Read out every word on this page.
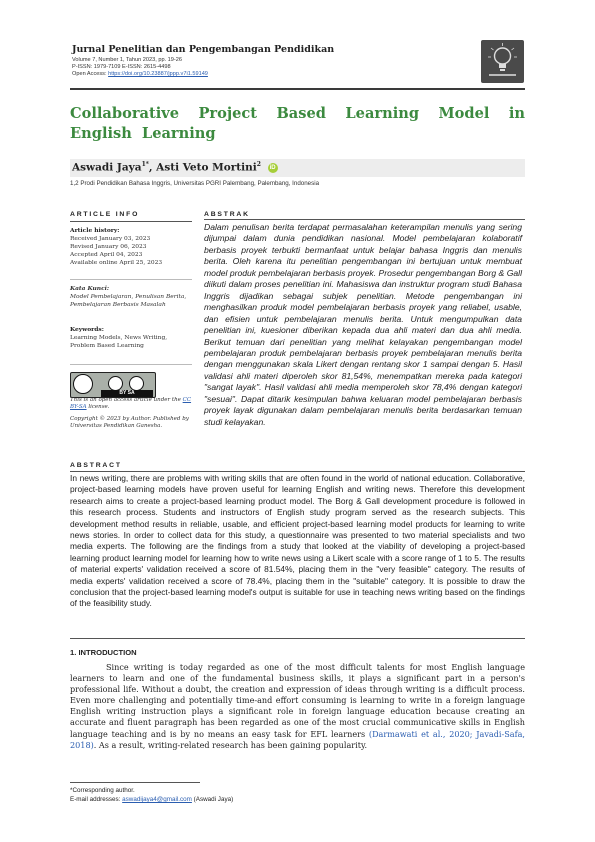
Jurnal Penelitian dan Pengembangan Pendidikan
Volume 7, Number 1, Tahun 2023, pp. 19-26
P-ISSN: 1979-7109 E-ISSN: 2615-4498
Open Access: https://doi.org/10.23887/jppp.v7i1.59149
Collaborative Project Based Learning Model in English Learning
Aswadi Jaya$^{1*}$, Asti Veto Mortini$^2$ iD
1,2 Prodi Pendidikan Bahasa Inggris, Universitas PGRI Palembang, Palembang, Indonesia
ARTICLE INFO
Article history:
Received January 03, 2023
Revised January 06, 2023
Accepted April 04, 2023
Available online April 25, 2023
Kata Kunci:
Model Pembelajaran, Penulisan Berita, Pembelajaran Berbasis Masalah
Keywords:
Learning Models, News Writing, Problem Based Learning
BY SA
This is an open access article under the CC BY-SA license.
Copyright © 2023 by Author. Published by Universitas Pendidikan Ganesha.
ABSTRAK
Dalam penulisan berita terdapat permasalahan keterampilan menulis yang sering dijumpai dalam dunia pendidikan nasional. Model pembelajaran kolaboratif berbasis proyek terbukti bermanfaat untuk belajar bahasa Inggris dan menulis berita. Oleh karena itu penelitian pengembangan ini bertujuan untuk membuat model produk pembelajaran berbasis proyek. Prosedur pengembangan Borg & Gall diikuti dalam proses penelitian ini. Mahasiswa dan instruktur program studi Bahasa Inggris dijadikan sebagai subjek penelitian. Metode pengembangan ini menghasilkan produk model pembelajaran berbasis proyek yang reliabel, usable, dan efisien untuk pembelajaran menulis berita. Untuk mengumpulkan data penelitian ini, kuesioner diberikan kepada dua ahli materi dan dua ahli media. Berikut temuan dari penelitian yang melihat kelayakan pengembangan model pembelajaran produk pembelajaran berbasis proyek pembelajaran menulis berita dengan menggunakan skala Likert dengan rentang skor 1 sampai dengan 5. Hasil validasi ahli materi diperoleh skor 81,54%, menempatkan mereka pada kategori "sangat layak". Hasil validasi ahli media memperoleh skor 78,4% dengan kategori "sesuai". Dapat ditarik kesimpulan bahwa keluaran model pembelajaran berbasis proyek layak digunakan dalam pembelajaran menulis berita berdasarkan temuan studi kelayakan.
ABSTRACT
In news writing, there are problems with writing skills that are often found in the world of national education. Collaborative, project-based learning models have proven useful for learning English and writing news. Therefore this development research aims to create a project-based learning product model. The Borg & Gall development procedure is followed in this research process. Students and instructors of English study program served as the research subjects. This development method results in reliable, usable, and efficient project-based learning model products for learning to write news stories. In order to collect data for this study, a questionnaire was presented to two material specialists and two media experts. The following are the findings from a study that looked at the viability of developing a project-based learning product learning model for learning how to write news using a Likert scale with a score range of 1 to 5. The results of material experts' validation received a score of 81.54%, placing them in the "very feasible" category. The results of media experts' validation received a score of 78.4%, placing them in the "suitable" category. It is possible to draw the conclusion that the project-based learning model's output is suitable for use in teaching news writing based on the findings of the feasibility study.
1. INTRODUCTION

Since writing is today regarded as one of the most difficult talents for most English language learners to learn and one of the fundamental business skills, it plays a significant part in a person's professional life. Without a doubt, the creation and expression of ideas through writing is a difficult process. Even more challenging and potentially time-and effort consuming is learning to write in a foreign language English writing instruction plays a significant role in foreign language education because creating an accurate and fluent paragraph has been regarded as one of the most crucial communicative skills in English language teaching and is by no means an easy task for EFL learners (Darmawati et al., 2020; Javadi-Safa, 2018). As a result, writing-related research has been gaining popularity.

*Corresponding author.
E-mail addresses: aswadijaya4@gmail.com (Aswadi Jaya)
